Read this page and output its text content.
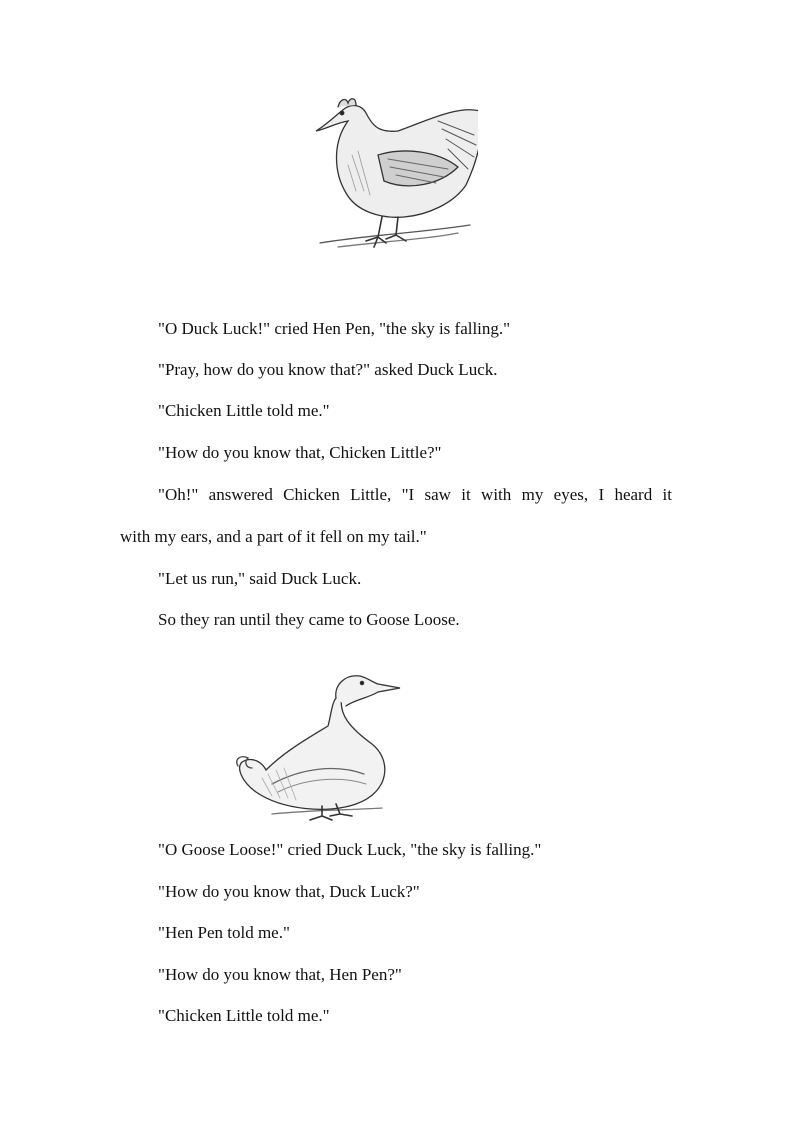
"O Duck Luck!" cried Hen Pen, "the sky is falling."
"Pray, how do you know that?" asked Duck Luck.
"Chicken Little told me."
"How do you know that, Chicken Little?"
"Oh!" answered Chicken Little, "I saw it with my eyes, I heard it
with my ears, and a part of it fell on my tail."
"Let us run," said Duck Luck.
So they ran until they came to Goose Loose.
"O Goose Loose!" cried Duck Luck, "the sky is falling."
"How do you know that, Duck Luck?"
"Hen Pen told me."
"How do you know that, Hen Pen?"
"Chicken Little told me."
